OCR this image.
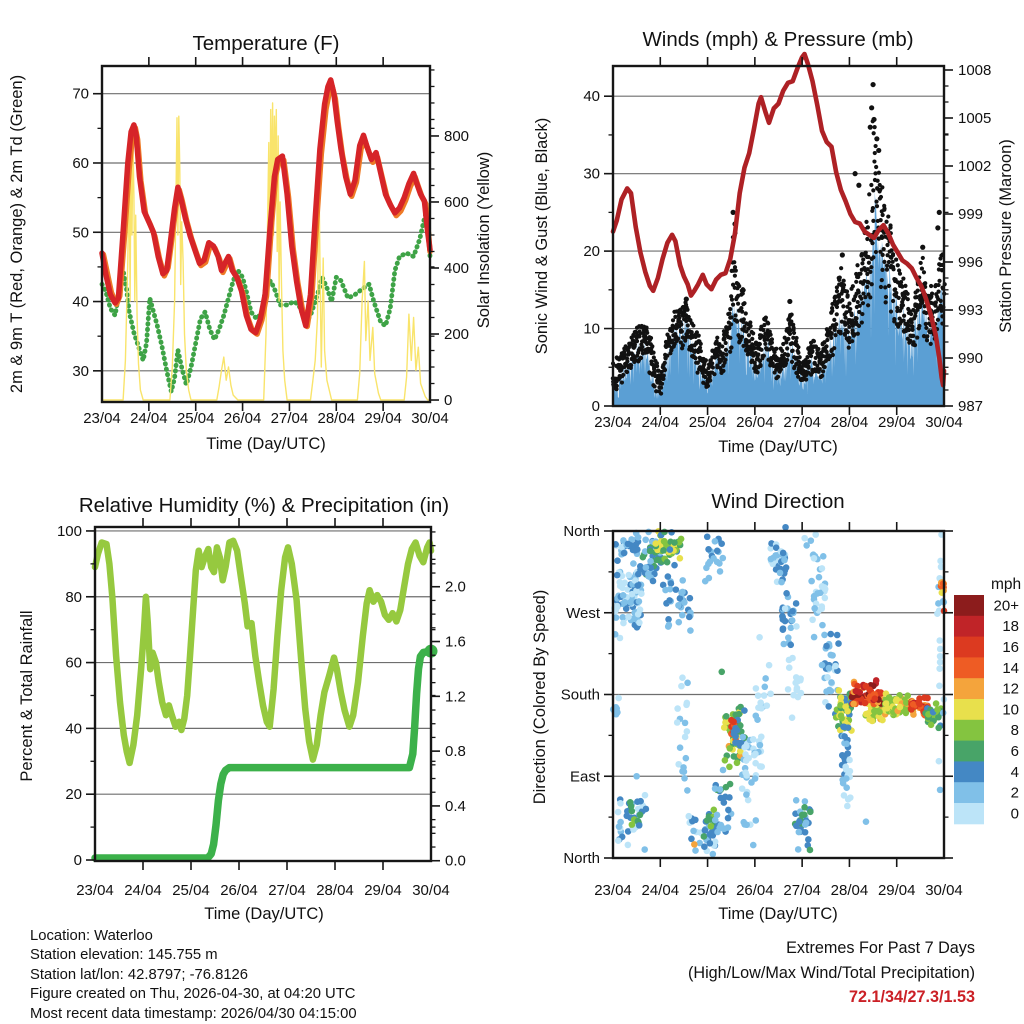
Temperature (F)
Time (Day/UTC)
2m & 9m T (Red, Orange) & 2m Td (Green)	Solar Insolation (Yellow)
30
40
50
60
70
0
200
400
600
800
23/04 24/04 25/04 26/04 27/04 28/04 29/04 30/04
Winds (mph) & Pressure (mb)
Time (Day/UTC)
Sonic Wind & Gust (Blue, Black)	Station Pressure (Maroon)
0
10
20
30
40
987
990
993
996
999
1002
1005
1008
23/04 24/04 25/04 26/04 27/04 28/04 29/04 30/04
Relative Humidity (%) & Precipitation (in)
Time (Day/UTC)
Percent & Total Rainfall
0
20
40
60
80
100
0.0
0.4
0.8
1.2
1.6
2.0
23/04 24/04 25/04 26/04 27/04 28/04 29/04 30/04
Wind Direction
Time (Day/UTC)
Direction (Colored By Speed)
North
East
South
West
North
23/04 24/04 25/04 26/04 27/04 28/04 29/04 30/04
mph
20+
18
16
14
12
10
8
6
4
2
0
Location: Waterloo
Station elevation: 145.755 m
Station lat/lon: 42.8797; -76.8126
Figure created on Thu, 2026-04-30, at 04:20 UTC
Most recent data timestamp: 2026/04/30 04:15:00
Extremes For Past 7 Days
(High/Low/Max Wind/Total Precipitation)
72.1/34/27.3/1.53
